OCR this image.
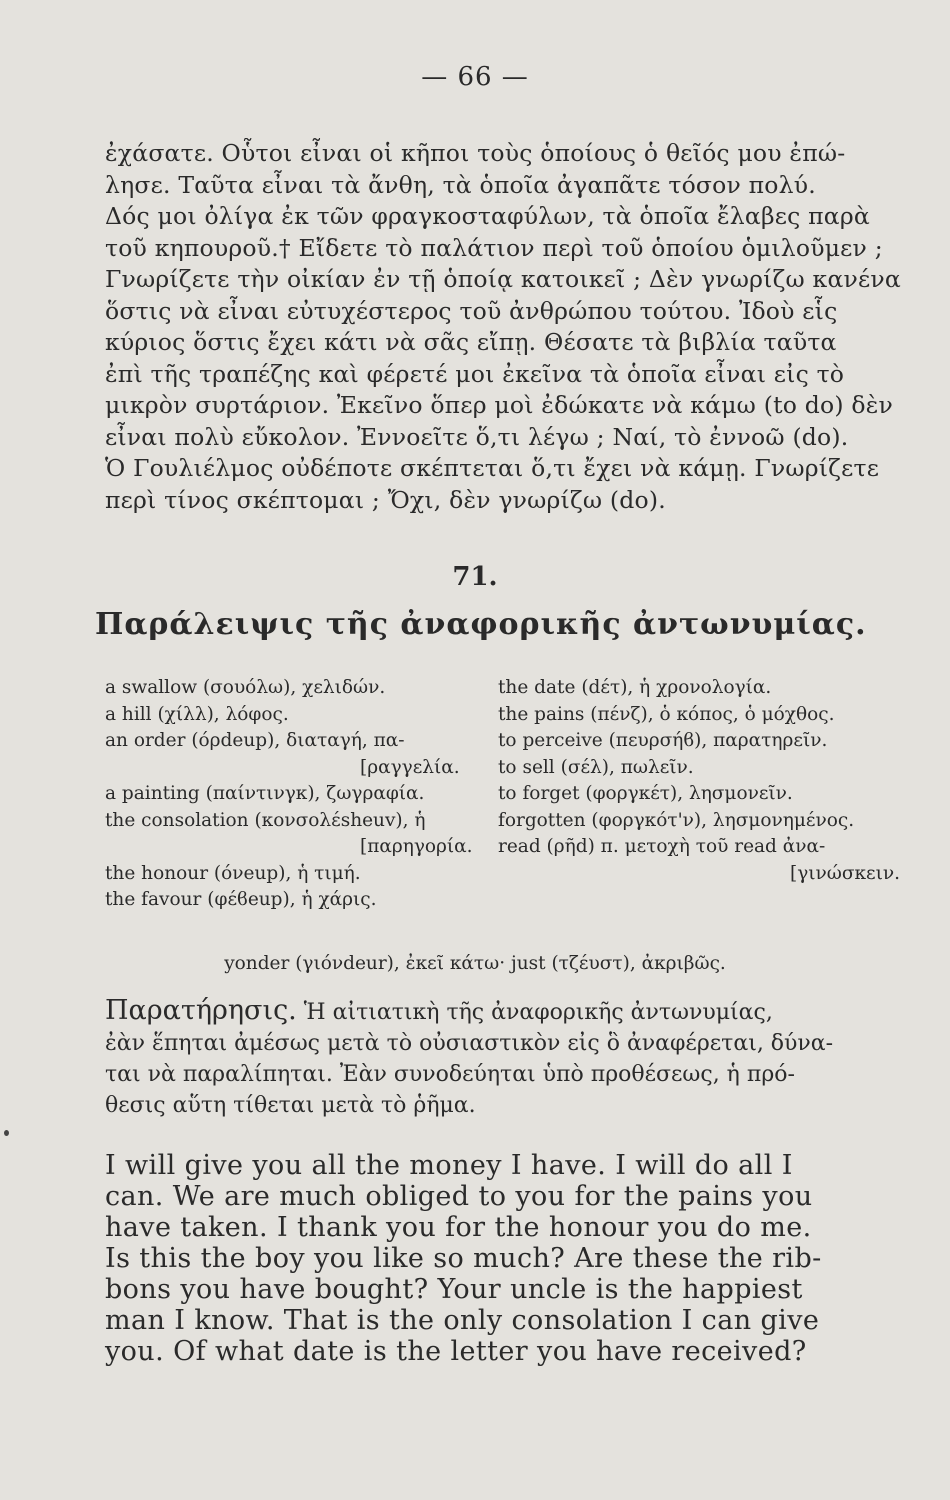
— 66 —
ἐχάσατε. Οὗτοι εἶναι οἱ κῆποι τοὺς ὁποίους ὁ θεῖός μου ἐπώ-
λησε. Ταῦτα εἶναι τὰ ἄνθη, τὰ ὁποῖα ἀγαπᾶτε τόσον πολύ.
Δός μοι ὀλίγα ἐκ τῶν φραγκοσταφύλων, τὰ ὁποῖα ἔλαβες παρὰ
τοῦ κηπουροῦ.† Εἴδετε τὸ παλάτιον περὶ τοῦ ὁποίου ὁμιλοῦμεν ;
Γνωρίζετε τὴν οἰκίαν ἐν τῇ ὁποίᾳ κατοικεῖ ; Δὲν γνωρίζω κανένα
ὅστις νὰ εἶναι εὐτυχέστερος τοῦ ἀνθρώπου τούτου. Ἰδοὺ εἷς
κύριος ὅστις ἔχει κάτι νὰ σᾶς εἴπῃ. Θέσατε τὰ βιβλία ταῦτα
ἐπὶ τῆς τραπέζης καὶ φέρετέ μοι ἐκεῖνα τὰ ὁποῖα εἶναι εἰς τὸ
μικρὸν συρτάριον. Ἐκεῖνο ὅπερ μοὶ ἐδώκατε νὰ κάμω (to do) δὲν
εἶναι πολὺ εὔκολον. Ἐννοεῖτε ὅ,τι λέγω ; Ναί, τὸ ἐννοῶ (do).
Ὁ Γουλιέλμος οὐδέποτε σκέπτεται ὅ,τι ἔχει νὰ κάμῃ. Γνωρίζετε
περὶ τίνος σκέπτομαι ; Ὄχι, δὲν γνωρίζω (do).
71.
Παράλειψις τῆς ἀναφορικῆς ἀντωνυμίας.
a swallow (σουόλω), χελιδών.
a hill (χίλλ), λόφος.
an order (όρdeup), διαταγή, πα-
[ραγγελία.
a painting (παίντινγκ), ζωγραφία.
the consolation (κονσολέsheuv), ἡ
[παρηγορία.
the honour (όνeup), ἡ τιμή.
the favour (φέϐeup), ἡ χάρις.
the date (dέτ), ἡ χρονολογία.
the pains (πένζ), ὁ κόπος, ὁ μόχθος.
to perceive (πευρσήϐ), παρατηρεῖν.
to sell (σέλ), πωλεῖν.
to forget (φοργκέτ), λησμονεῖν.
forgotten (φοργκότ'ν), λησμονημένος.
read (ρῆd) π. μετοχὴ τοῦ read ἀνα-
[γινώσκειν.
yonder (γιόνdeur), ἐκεῖ κάτω· just (τζέυστ), ἀκριβῶς.
Παρατήρησις. Ἡ αἰτιατικὴ τῆς ἀναφορικῆς ἀντωνυμίας,
ἐὰν ἕπηται ἀμέσως μετὰ τὸ οὐσιαστικὸν εἰς ὃ ἀναφέρεται, δύνα-
ται νὰ παραλίπηται. Ἐὰν συνοδεύηται ὑπὸ προθέσεως, ἡ πρό-
θεσις αὕτη τίθεται μετὰ τὸ ῥῆμα.
I will give you all the money I have. I will do all I
can. We are much obliged to you for the pains you
have taken. I thank you for the honour you do me.
Is this the boy you like so much? Are these the rib-
bons you have bought? Your uncle is the happiest
man I know. That is the only consolation I can give
you. Of what date is the letter you have received?
